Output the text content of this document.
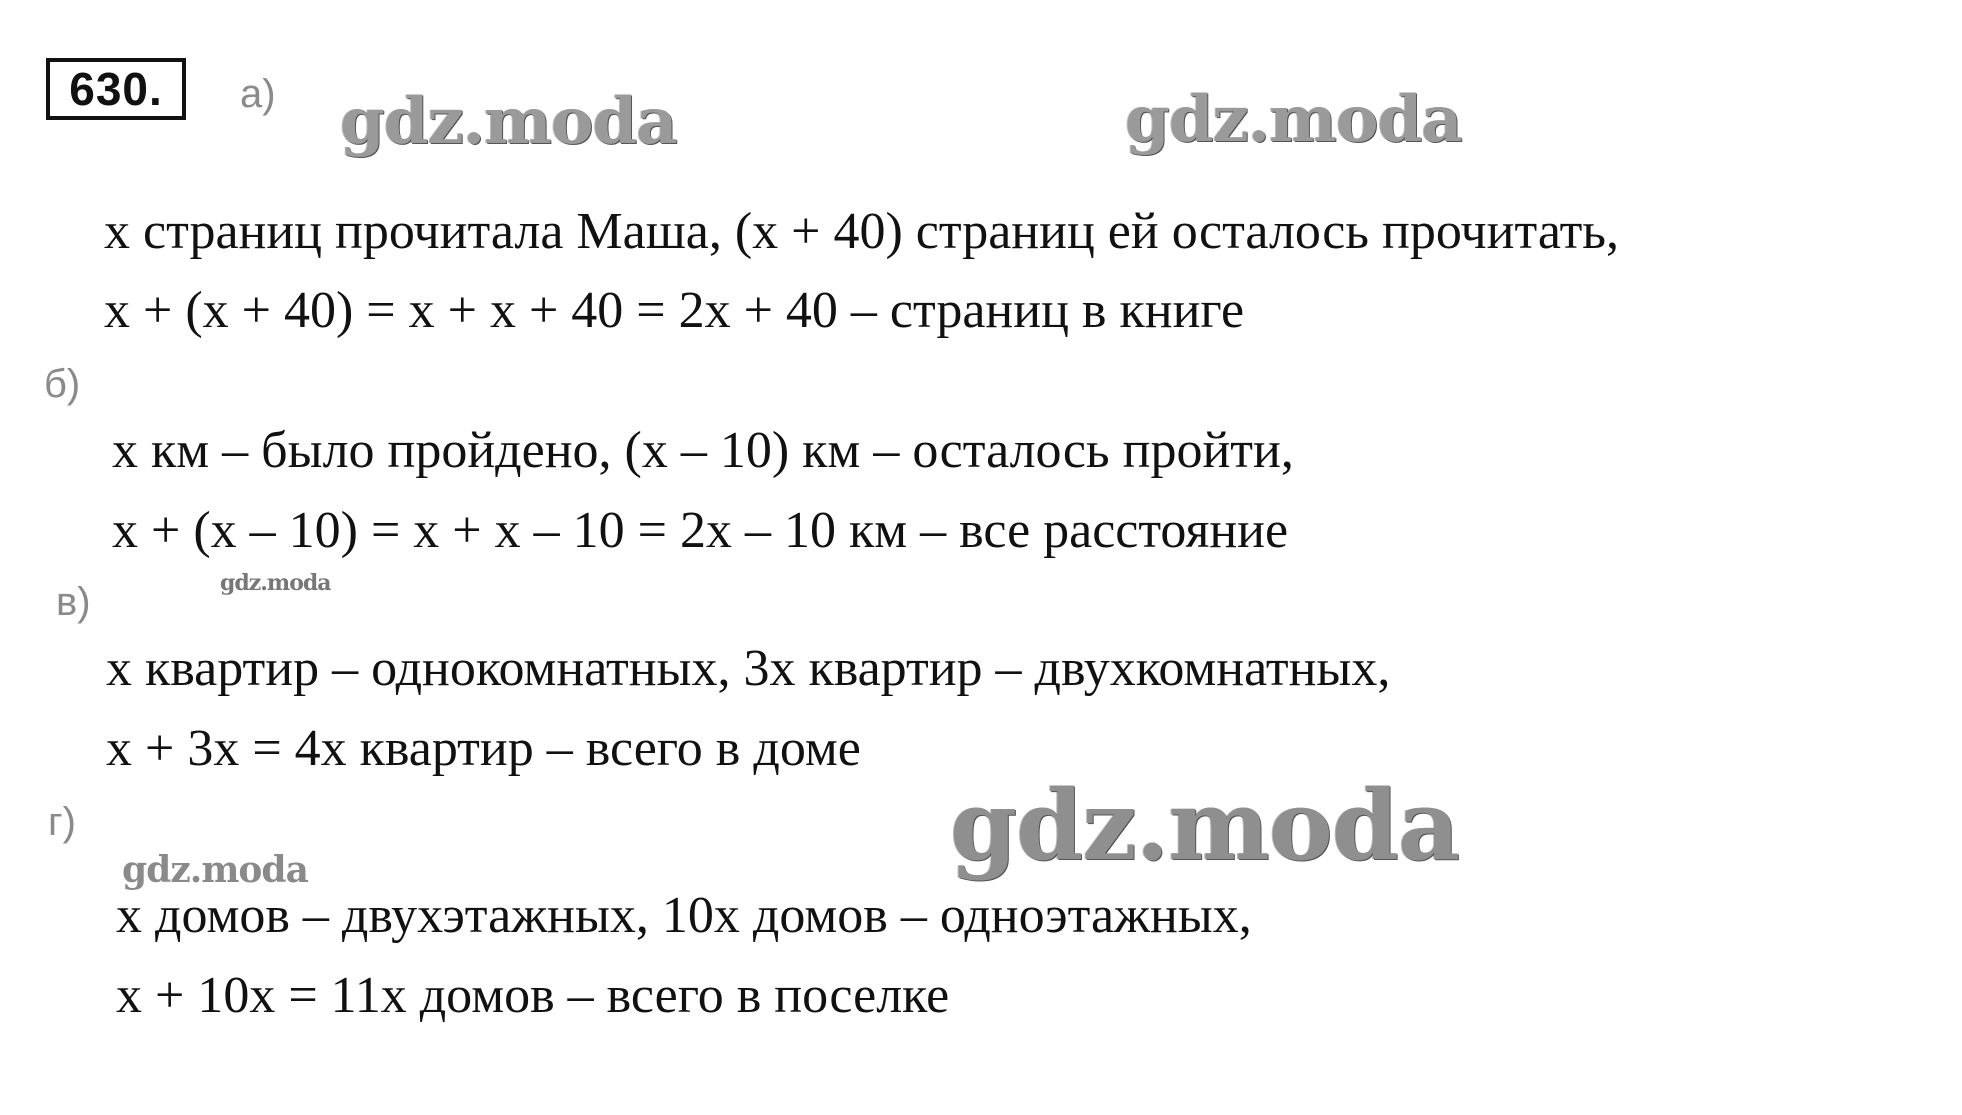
630.	gdz.moda	gdz.moda
gdz.moda
gdz.moda
gdz.moda
а)
х страниц прочитала Маша, (х + 40) страниц ей осталось прочитать,
х + (х + 40) = х + х + 40 = 2х + 40 – страниц в книге
б)
х км – было пройдено, (х – 10) км – осталось пройти,
х + (х – 10) = х + х – 10 = 2х – 10 км – все расстояние
в)
х квартир – однокомнатных, 3х квартир – двухкомнатных,
х + 3х = 4х квартир – всего в доме
г)
х домов – двухэтажных, 10х домов – одноэтажных,
х + 10х = 11х домов – всего в поселке
